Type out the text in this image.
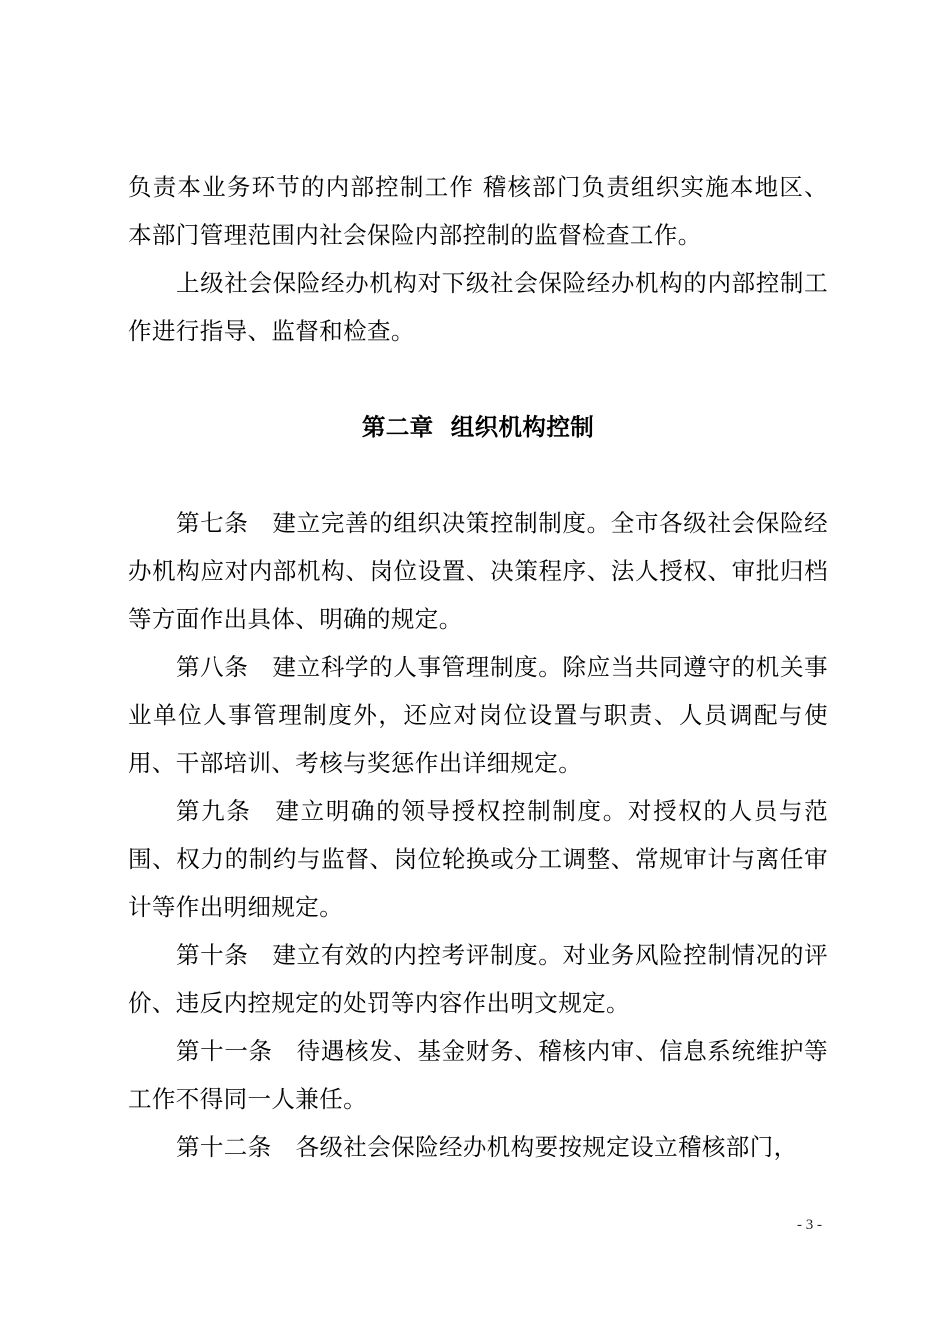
负责本业务环节的内部控制工作 稽核部门负责组织实施本地区、本部门管理范围内社会保险内部控制的监督检查工作。

上级社会保险经办机构对下级社会保险经办机构的内部控制工作进行指导、监督和检查。

第二章  组织机构控制

第七条 建立完善的组织决策控制制度。全市各级社会保险经办机构应对内部机构、岗位设置、决策程序、法人授权、审批归档等方面作出具体、明确的规定。

第八条 建立科学的人事管理制度。除应当共同遵守的机关事业单位人事管理制度外，还应对岗位设置与职责、人员调配与使用、干部培训、考核与奖惩作出详细规定。

第九条 建立明确的领导授权控制制度。对授权的人员与范围、权力的制约与监督、岗位轮换或分工调整、常规审计与离任审计等作出明细规定。

第十条 建立有效的内控考评制度。对业务风险控制情况的评价、违反内控规定的处罚等内容作出明文规定。

第十一条 待遇核发、基金财务、稽核内审、信息系统维护等工作不得同一人兼任。

第十二条 各级社会保险经办机构要按规定设立稽核部门，

- 3 -
